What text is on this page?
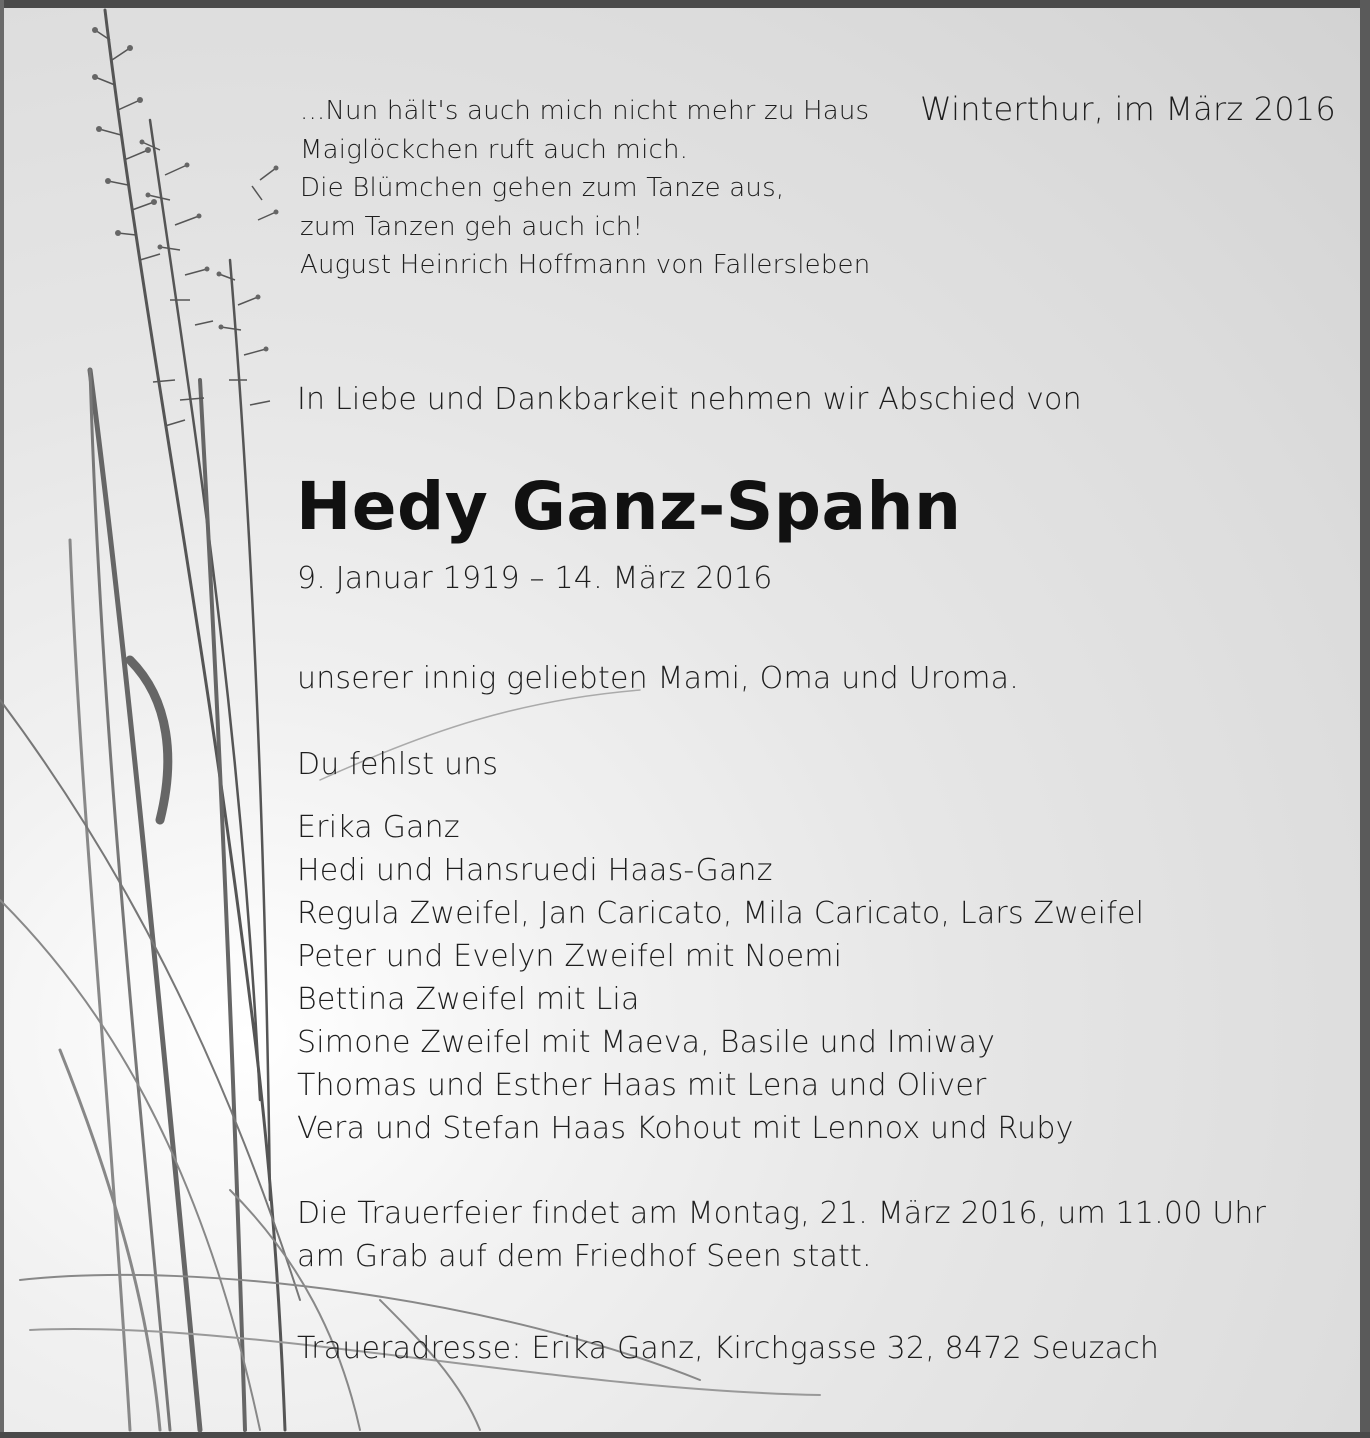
...Nun hält's auch mich nicht mehr zu Haus
Maiglöckchen ruft auch mich.
Die Blümchen gehen zum Tanze aus,
zum Tanzen geh auch ich!
August Heinrich Hoffmann von Fallersleben
Winterthur, im März 2016
In Liebe und Dankbarkeit nehmen wir Abschied von
Hedy Ganz-Spahn
9. Januar 1919 – 14. März 2016
unserer innig geliebten Mami, Oma und Uroma.
Du fehlst uns
Erika Ganz
Hedi und Hansruedi Haas-Ganz
Regula Zweifel, Jan Caricato, Mila Caricato, Lars Zweifel
Peter und Evelyn Zweifel mit Noemi
Bettina Zweifel mit Lia
Simone Zweifel mit Maeva, Basile und Imiway
Thomas und Esther Haas mit Lena und Oliver
Vera und Stefan Haas Kohout mit Lennox und Ruby
Die Trauerfeier findet am Montag, 21. März 2016, um 11.00 Uhr
am Grab auf dem Friedhof Seen statt.
Traueradresse: Erika Ganz, Kirchgasse 32, 8472 Seuzach
